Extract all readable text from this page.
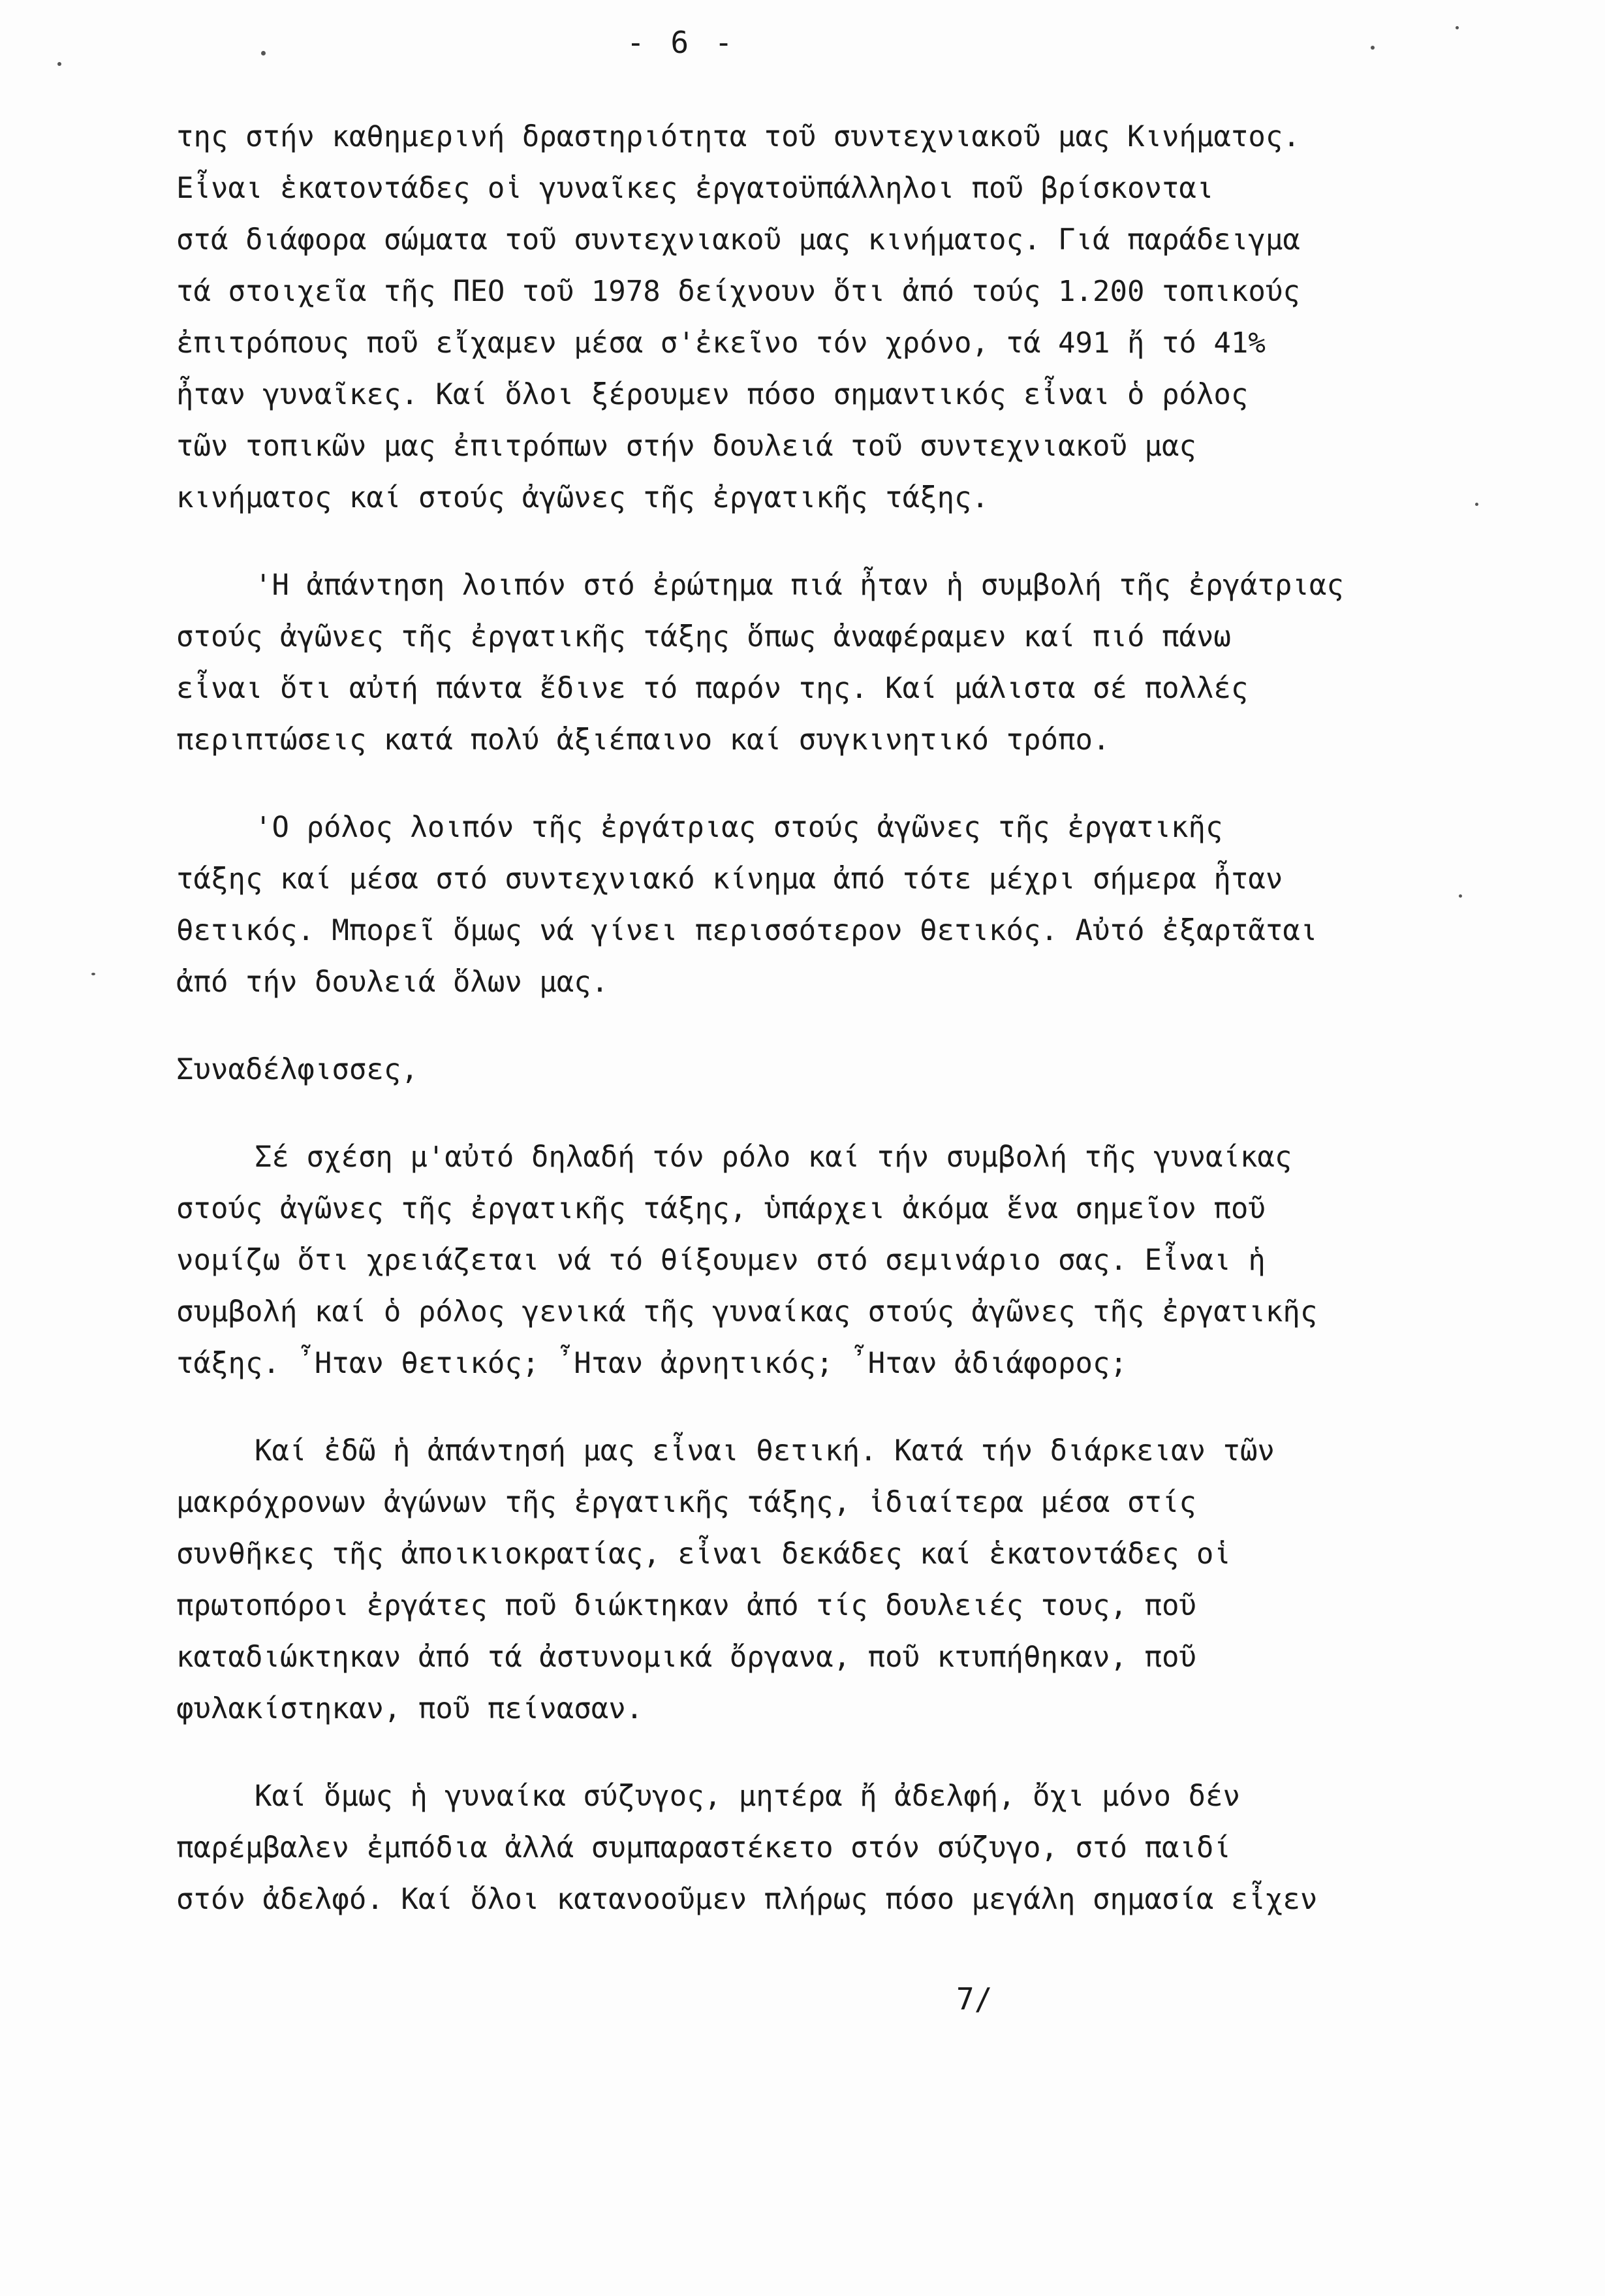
- 6 -
της στήν καθημερινή δραστηριότητα τοῦ συντεχνιακοῦ μας Κινήματος.
Εἶναι ἑκατοντάδες οἱ γυναῖκες ἐργατοϋπάλληλοι ποῦ βρίσκονται
στά διάφορα σώματα τοῦ συντεχνιακοῦ μας κινήματος. Γιά παράδειγμα
τά στοιχεῖα τῆς ΠΕΟ τοῦ 1978 δείχνουν ὅτι ἀπό τούς 1.200 τοπικούς
ἐπιτρόπους ποῦ εἴχαμεν μέσα σ'ἐκεῖνο τόν χρόνο, τά 491 ἤ τό 41%
ἦταν γυναῖκες. Καί ὅλοι ξέρουμεν πόσο σημαντικός εἶναι ὁ ρόλος
τῶν τοπικῶν μας ἐπιτρόπων στήν δουλειά τοῦ συντεχνιακοῦ μας
κινήματος καί στούς ἀγῶνες τῆς ἐργατικῆς τάξης.
'Η ἀπάντηση λοιπόν στό ἐρώτημα πιά ἦταν ἡ συμβολή τῆς ἐργάτριας
στούς ἀγῶνες τῆς ἐργατικῆς τάξης ὅπως ἀναφέραμεν καί πιό πάνω
εἶναι ὅτι αὐτή πάντα ἔδινε τό παρόν της. Καί μάλιστα σέ πολλές
περιπτώσεις κατά πολύ ἀξιέπαινο καί συγκινητικό τρόπο.
'Ο ρόλος λοιπόν τῆς ἐργάτριας στούς ἀγῶνες τῆς ἐργατικῆς
τάξης καί μέσα στό συντεχνιακό κίνημα ἀπό τότε μέχρι σήμερα ἦταν
θετικός. Μπορεῖ ὅμως νά γίνει περισσότερον θετικός. Αὐτό ἐξαρτᾶται
ἀπό τήν δουλειά ὅλων μας.
Συναδέλφισσες,
Σέ σχέση μ'αὐτό δηλαδή τόν ρόλο καί τήν συμβολή τῆς γυναίκας
στούς ἀγῶνες τῆς ἐργατικῆς τάξης, ὑπάρχει ἀκόμα ἕνα σημεῖον ποῦ
νομίζω ὅτι χρειάζεται νά τό θίξουμεν στό σεμινάριο σας. Εἶναι ἡ
συμβολή καί ὁ ρόλος γενικά τῆς γυναίκας στούς ἀγῶνες τῆς ἐργατικῆς
τάξης. ῏Ηταν θετικός; ῏Ηταν ἀρνητικός; ῏Ηταν ἀδιάφορος;
Καί ἐδῶ ἡ ἀπάντησή μας εἶναι θετική. Κατά τήν διάρκειαν τῶν
μακρόχρονων ἀγώνων τῆς ἐργατικῆς τάξης, ἰδιαίτερα μέσα στίς
συνθῆκες τῆς ἀποικιοκρατίας, εἶναι δεκάδες καί ἑκατοντάδες οἱ
πρωτοπόροι ἐργάτες ποῦ διώκτηκαν ἀπό τίς δουλειές τους, ποῦ
καταδιώκτηκαν ἀπό τά ἀστυνομικά ὄργανα, ποῦ κτυπήθηκαν, ποῦ
φυλακίστηκαν, ποῦ πείνασαν.
Καί ὅμως ἡ γυναίκα σύζυγος, μητέρα ἤ ἀδελφή, ὄχι μόνο δέν
παρέμβαλεν ἐμπόδια ἀλλά συμπαραστέκετο στόν σύζυγο, στό παιδί
στόν ἀδελφό. Καί ὅλοι κατανοοῦμεν πλήρως πόσο μεγάλη σημασία εἶχεν
7/
